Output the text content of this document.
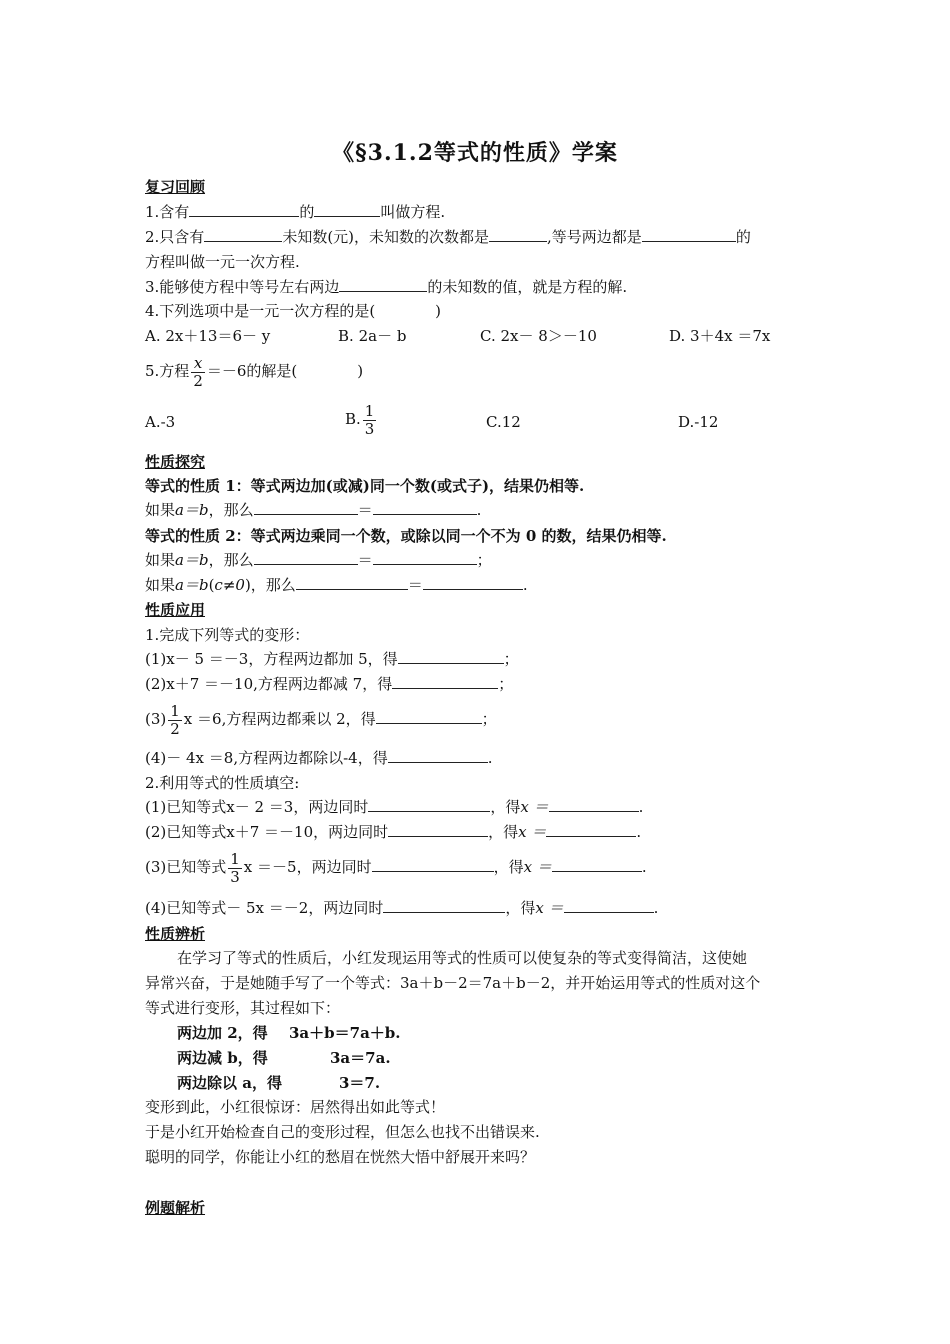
《§3.1.2等式的性质》学案
复习回顾
1.含有	的	叫做方程.
2.只含有	未知数(元)，未知数的次数都是	,等号两边都是	的
方程叫做一元一次方程.
3.能够使方程中等号左右两边	的未知数的值，就是方程的解.
4.下列选项中是一元一次方程的是(　　　　)
A. 2x＋13＝6－ y	B. 2a－ b	C. 2x－ 8＞－10	D. 3＋4x ＝7x
5.方程 $\frac{x}{2} =-6$的解是(　　　　)
A.-3	B. $\frac{1}{3}$	C.12	D.-12
性质探究
等式的性质 1：等式两边加(或减)同一个数(或式子)，结果仍相等.
如果a＝b，那么	＝	.
等式的性质 2：等式两边乘同一个数，或除以同一个不为 0 的数，结果仍相等.
如果a＝b，那么	＝	；
如果a＝b(c≠0)，那么	＝	.
性质应用
1.完成下列等式的变形：
(1)x－ 5 ＝－3，方程两边都加 5，得	；
(2)x＋7 ＝－10,方程两边都减 7，得	；
$(3) \frac{1}{2}$ x ＝6,方程两边都乘以 2，得	；
(4)－ 4x ＝8,方程两边都除以-4，得	.
2.利用等式的性质填空:
(1)已知等式x－ 2 ＝3，两边同时	，得x ＝	.
(2)已知等式x＋7 ＝－10，两边同时	，得x ＝	.
(3)已知等式 $\frac{1}{3}$ x ＝－5，两边同时	，得x ＝	.
(4)已知等式－ 5x ＝－2，两边同时	，得x ＝	.
性质辨析
在学习了等式的性质后，小红发现运用等式的性质可以使复杂的等式变得简洁，这使她
异常兴奋，于是她随手写了一个等式：3a＋b－2＝7a＋b－2，并开始运用等式的性质对这个
等式进行变形，其过程如下：
两边加 2，得 3a＋b＝7a＋b.
两边减 b，得	3a＝7a.
两边除以 a，得	3＝7.
变形到此，小红很惊讶：居然得出如此等式！
于是小红开始检查自己的变形过程，但怎么也找不出错误来.
聪明的同学，你能让小红的愁眉在恍然大悟中舒展开来吗？
例题解析
